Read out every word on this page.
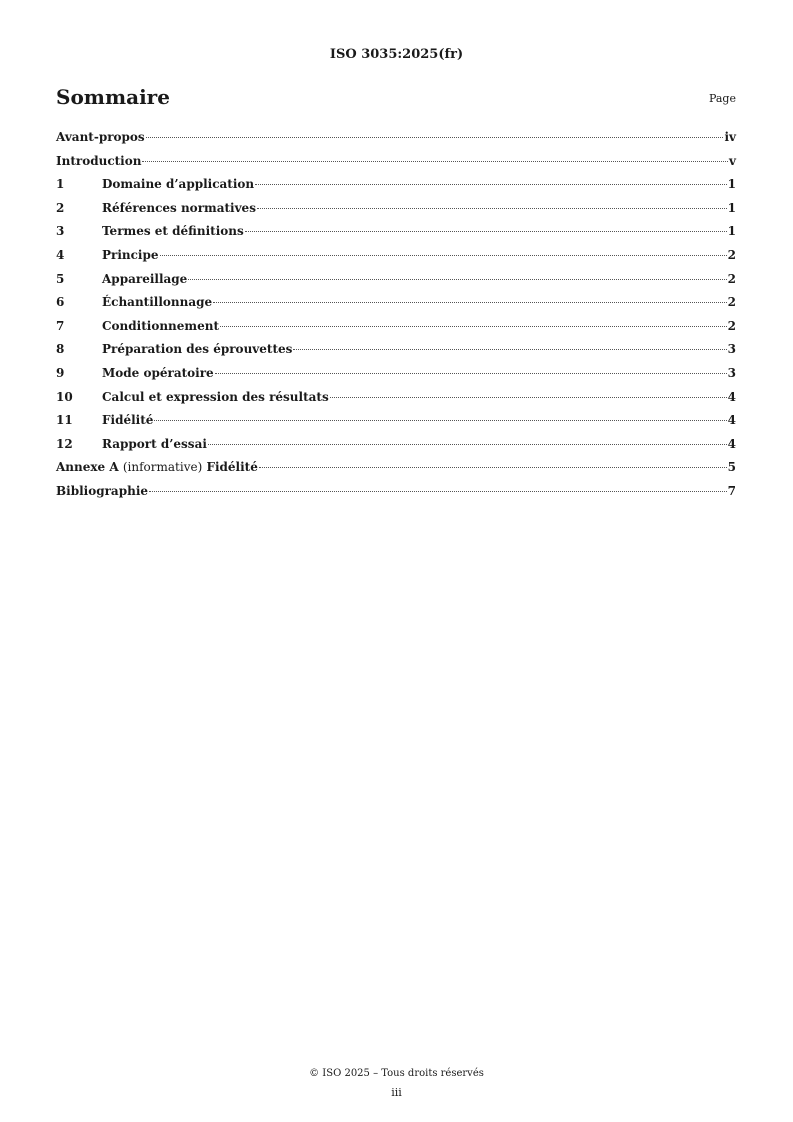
ISO 3035:2025(fr)
Sommaire	Page
Avant-propos	iv
Introduction	v
1	Domaine d’application	1
2	Références normatives	1
3	Termes et définitions	1
4	Principe	2
5	Appareillage	2
6	Échantillonnage	2
7	Conditionnement	2
8	Préparation des éprouvettes	3
9	Mode opératoire	3
10	Calcul et expression des résultats	4
11	Fidélité	4
12	Rapport d’essai	4
Annexe A (informative) Fidélité	5
Bibliographie	7
© ISO 2025 – Tous droits réservés
iii
